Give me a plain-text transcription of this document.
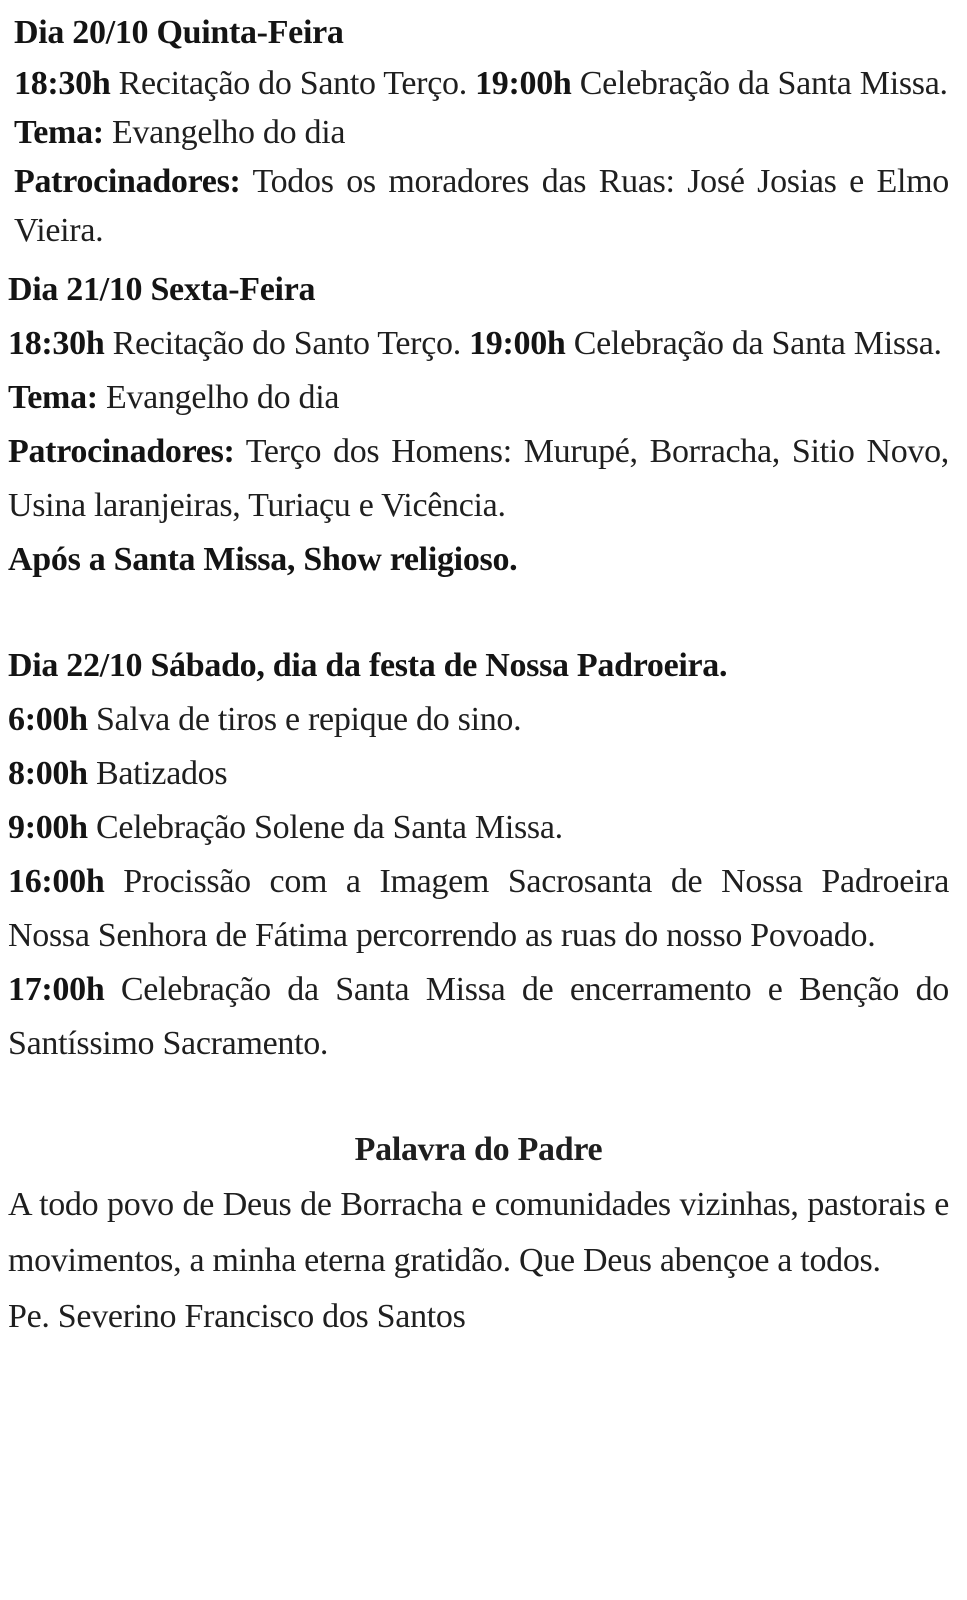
Dia 20/10 Quinta-Feira

18:30h Recitação do Santo Terço. 19:00h Celebração da Santa Missa.

Tema: Evangelho do dia

Patrocinadores: Todos os moradores das Ruas: José Josias e Elmo Vieira.

Dia 21/10 Sexta-Feira

18:30h Recitação do Santo Terço. 19:00h Celebração da Santa Missa.

Tema: Evangelho do dia

Patrocinadores: Terço dos Homens: Murupé, Borracha, Sitio Novo, Usina laranjeiras, Turiaçu e Vicência.

Após a Santa Missa, Show religioso.

Dia 22/10 Sábado, dia da festa de Nossa Padroeira.

6:00h Salva de tiros e repique do sino.

8:00h Batizados

9:00h Celebração Solene da Santa Missa.

16:00h Procissão com a Imagem Sacrosanta de Nossa Padroeira Nossa Senhora de Fátima percorrendo as ruas do nosso Povoado.

17:00h Celebração da Santa Missa de encerramento e Benção do Santíssimo Sacramento.

Palavra do Padre

A todo povo de Deus de Borracha e comunidades vizinhas, pastorais e movimentos, a minha eterna gratidão. Que Deus abençoe a todos.

Pe. Severino Francisco dos Santos
